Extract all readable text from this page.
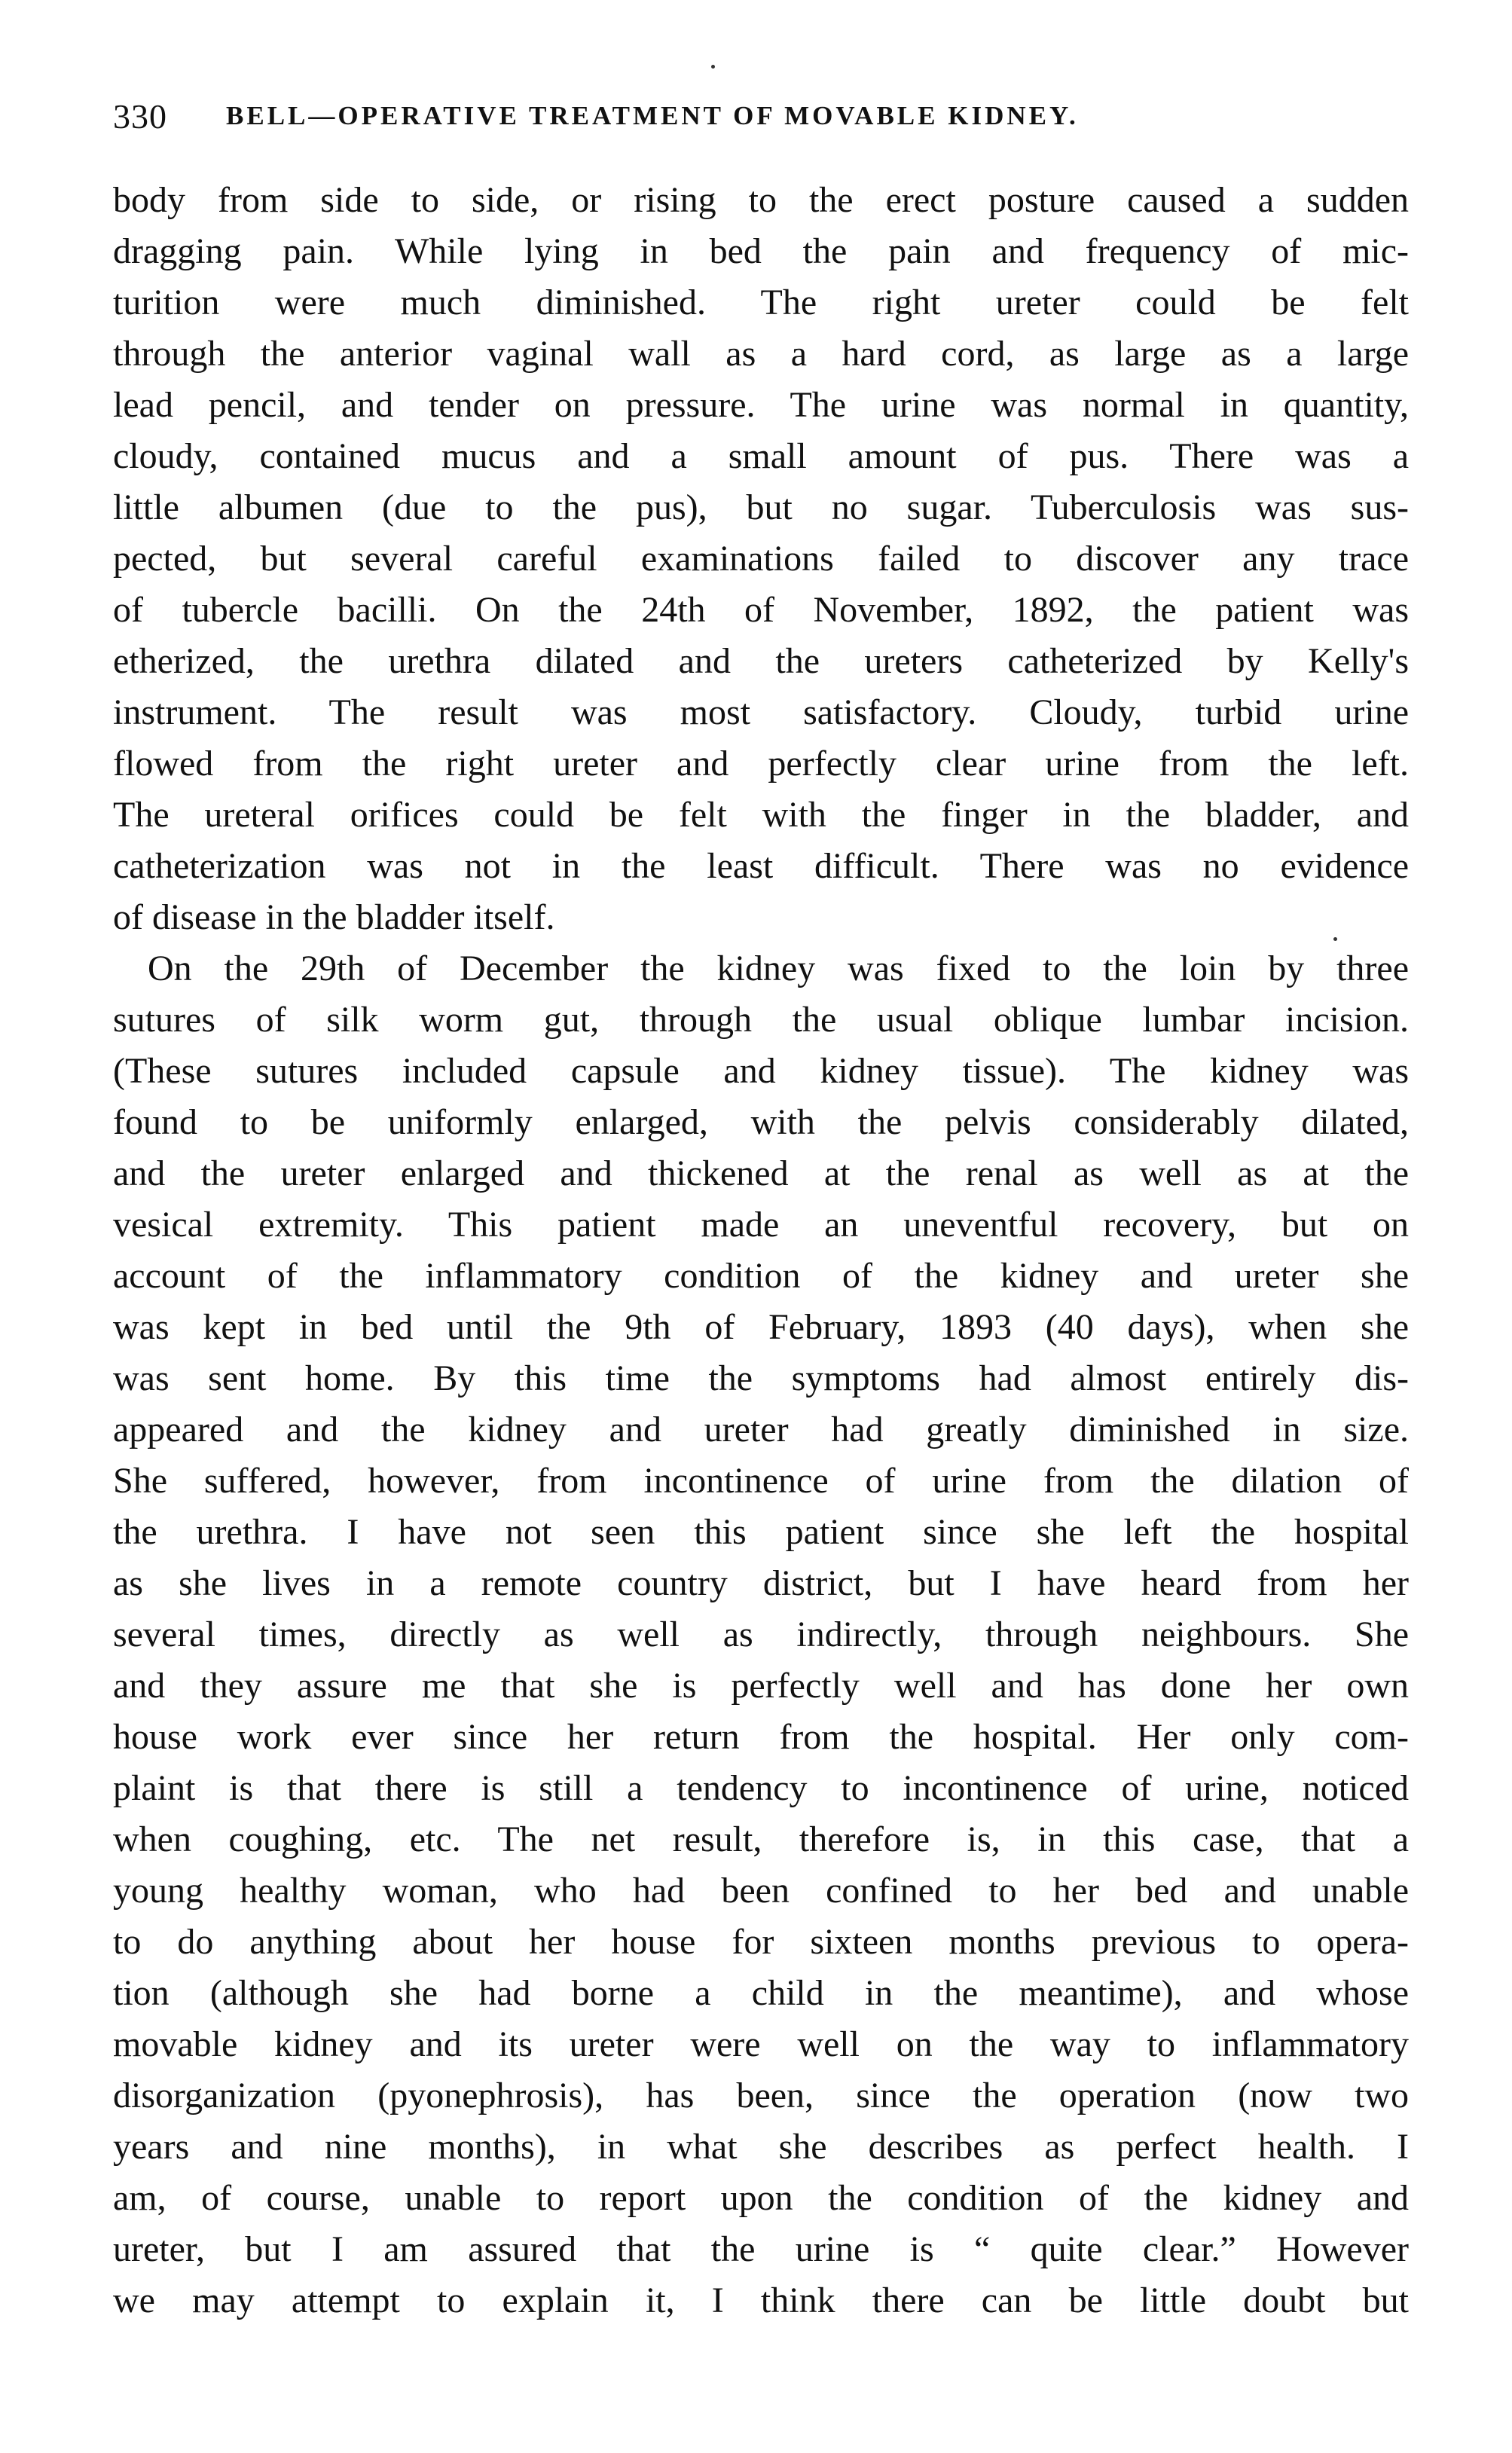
330 BELL—OPERATIVE TREATMENT OF MOVABLE KIDNEY.
body from side to side, or rising to the erect posture caused a sudden
dragging pain. While lying in bed the pain and frequency of mic-
turition were much diminished. The right ureter could be felt
through the anterior vaginal wall as a hard cord, as large as a large
lead pencil, and tender on pressure. The urine was normal in quantity,
cloudy, contained mucus and a small amount of pus. There was a
little albumen (due to the pus), but no sugar. Tuberculosis was sus-
pected, but several careful examinations failed to discover any trace
of tubercle bacilli. On the 24th of November, 1892, the patient was
etherized, the urethra dilated and the ureters catheterized by Kelly's
instrument. The result was most satisfactory. Cloudy, turbid urine
flowed from the right ureter and perfectly clear urine from the left.
The ureteral orifices could be felt with the finger in the bladder, and
catheterization was not in the least difficult. There was no evidence
of disease in the bladder itself.
On the 29th of December the kidney was fixed to the loin by three
sutures of silk worm gut, through the usual oblique lumbar incision.
(These sutures included capsule and kidney tissue). The kidney was
found to be uniformly enlarged, with the pelvis considerably dilated,
and the ureter enlarged and thickened at the renal as well as at the
vesical extremity. This patient made an uneventful recovery, but on
account of the inflammatory condition of the kidney and ureter she
was kept in bed until the 9th of February, 1893 (40 days), when she
was sent home. By this time the symptoms had almost entirely dis-
appeared and the kidney and ureter had greatly diminished in size.
She suffered, however, from incontinence of urine from the dilation of
the urethra. I have not seen this patient since she left the hospital
as she lives in a remote country district, but I have heard from her
several times, directly as well as indirectly, through neighbours. She
and they assure me that she is perfectly well and has done her own
house work ever since her return from the hospital. Her only com-
plaint is that there is still a tendency to incontinence of urine, noticed
when coughing, etc. The net result, therefore is, in this case, that a
young healthy woman, who had been confined to her bed and unable
to do anything about her house for sixteen months previous to opera-
tion (although she had borne a child in the meantime), and whose
movable kidney and its ureter were well on the way to inflammatory
disorganization (pyonephrosis), has been, since the operation (now two
years and nine months), in what she describes as perfect health. I
am, of course, unable to report upon the condition of the kidney and
ureter, but I am assured that the urine is “ quite clear.” However
we may attempt to explain it, I think there can be little doubt but
